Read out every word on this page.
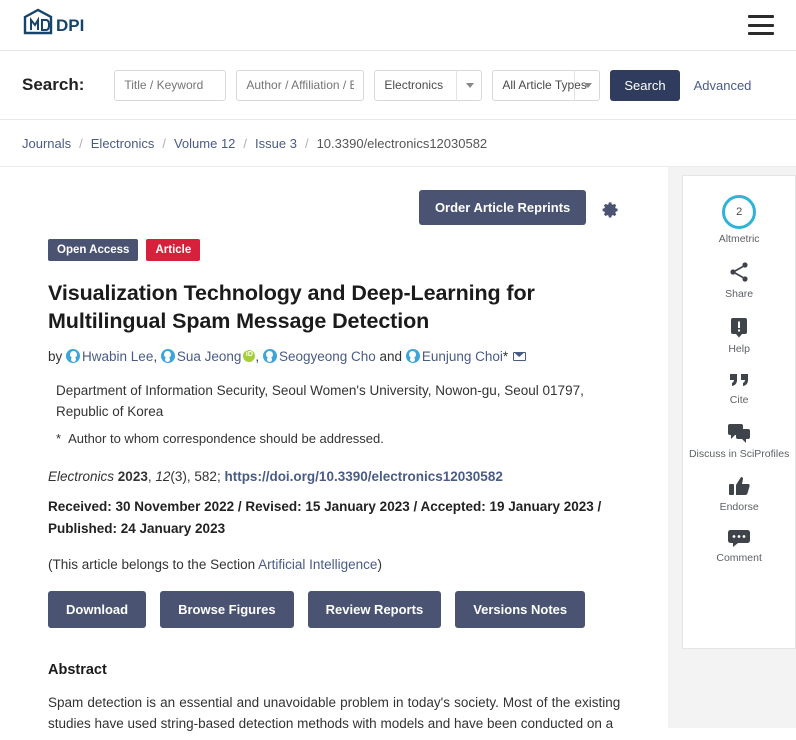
DPI
Search:
Title / Keyword
Author / Affiliation / Email	Electronics	All Article Types	Search	Advanced
Journals / Electronics / Volume 12 / Issue 3 / 10.3390/electronics12030582
Order Article Reprints
Open Access	Article
Visualization Technology and Deep-Learning for Multilingual Spam Message Detection
by Hwabin Lee, Sua Jeong iD , Seogyeong Cho and Eunjung Choi*
Department of Information Security, Seoul Women's University, Nowon-gu, Seoul 01797, Republic of Korea
* Author to whom correspondence should be addressed.
Electronics 2023, 12(3), 582; https://doi.org/10.3390/electronics12030582
Received: 30 November 2022 / Revised: 15 January 2023 / Accepted: 19 January 2023 / Published: 24 January 2023
(This article belongs to the Section Artificial Intelligence)
Download	Browse Figures	Review Reports	Versions Notes
Abstract
Spam detection is an essential and unavoidable problem in today's society. Most of the existing studies have used string-based detection methods with models and have been conducted on a
2
Altmetric
Share
Help
Cite
Discuss in SciProfiles
Endorse
Comment
